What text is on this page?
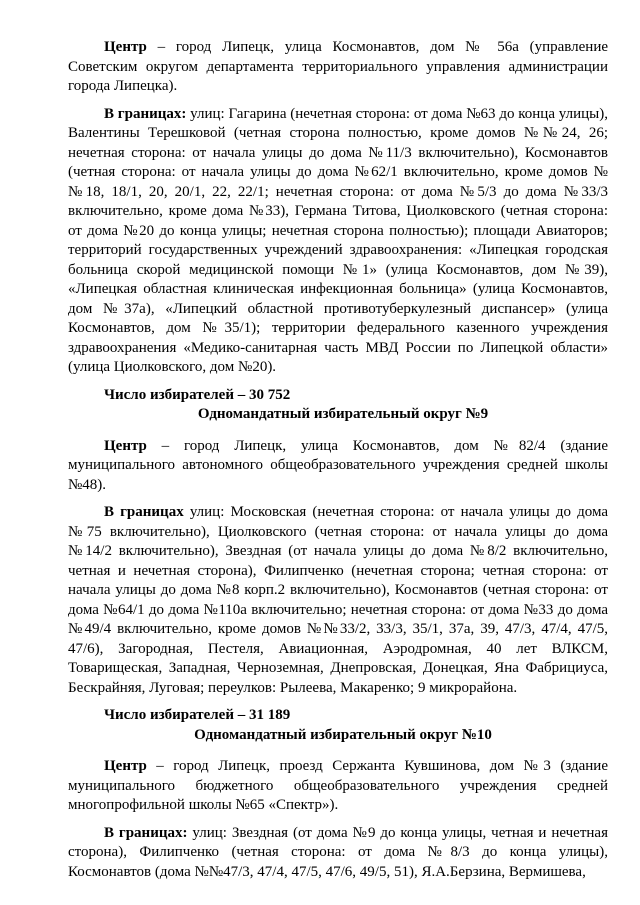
Центр – город Липецк, улица Космонавтов, дом № 56а (управление Советским округом департамента территориального управления администрации города Липецка).

В границах: улиц: Гагарина (нечетная сторона: от дома №63 до конца улицы), Валентины Терешковой (четная сторона полностью, кроме домов №№24, 26; нечетная сторона: от начала улицы до дома №11/3 включительно), Космонавтов (четная сторона: от начала улицы до дома №62/1 включительно, кроме домов №№18, 18/1, 20, 20/1, 22, 22/1; нечетная сторона: от дома №5/3 до дома №33/3 включительно, кроме дома №33), Германа Титова, Циолковского (четная сторона: от дома №20 до конца улицы; нечетная сторона полностью); площади Авиаторов; территорий государственных учреждений здравоохранения: «Липецкая городская больница скорой медицинской помощи №1» (улица Космонавтов, дом №39), «Липецкая областная клиническая инфекционная больница» (улица Космонавтов, дом №37а), «Липецкий областной противотуберкулезный диспансер» (улица Космонавтов, дом №35/1); территории федерального казенного учреждения здравоохранения «Медико-санитарная часть МВД России по Липецкой области» (улица Циолковского, дом №20).

Число избирателей – 30 752

Одномандатный избирательный округ №9

Центр – город Липецк, улица Космонавтов, дом №82/4 (здание муниципального автономного общеобразовательного учреждения средней школы №48).

В границах улиц: Московская (нечетная сторона: от начала улицы до дома №75 включительно), Циолковского (четная сторона: от начала улицы до дома №14/2 включительно), Звездная (от начала улицы до дома №8/2 включительно, четная и нечетная сторона), Филипченко (нечетная сторона; четная сторона: от начала улицы до дома №8 корп.2 включительно), Космонавтов (четная сторона: от дома №64/1 до дома №110а включительно; нечетная сторона: от дома №33 до дома №49/4 включительно, кроме домов №№33/2, 33/3, 35/1, 37а, 39, 47/3, 47/4, 47/5, 47/6), Загородная, Пестеля, Авиационная, Аэродромная, 40 лет ВЛКСМ, Товарищеская, Западная, Черноземная, Днепровская, Донецкая, Яна Фабрициуса, Бескрайняя, Луговая; переулков: Рылеева, Макаренко; 9 микрорайона.

Число избирателей – 31 189

Одномандатный избирательный округ №10

Центр – город Липецк, проезд Сержанта Кувшинова, дом №3 (здание муниципального бюджетного общеобразовательного учреждения средней многопрофильной школы №65 «Спектр»).

В границах: улиц: Звездная (от дома №9 до конца улицы, четная и нечетная сторона), Филипченко (четная сторона: от дома №8/3 до конца улицы), Космонавтов (дома №№47/3, 47/4, 47/5, 47/6, 49/5, 51), Я.А.Берзина, Вермишева,
